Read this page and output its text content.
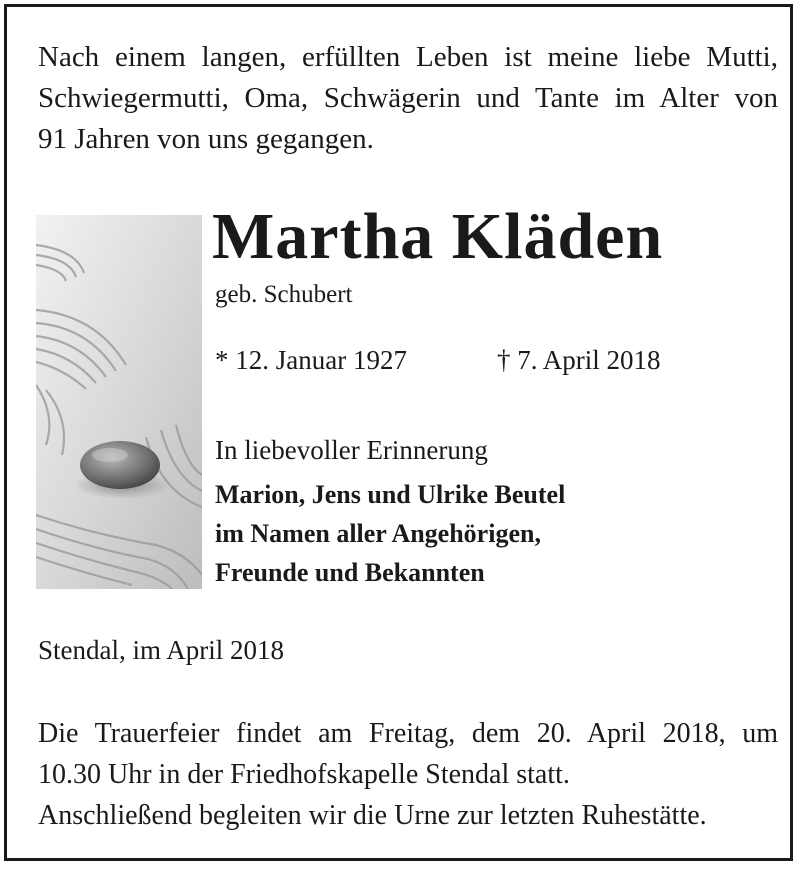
Nach einem langen, erfüllten Leben ist meine liebe Mutti,
Schwiegermutti, Oma, Schwägerin und Tante im Alter von
91 Jahren von uns gegangen.
Martha Kläden
geb. Schubert
* 12. Januar 1927	† 7. April 2018
In liebevoller Erinnerung
Marion, Jens und Ulrike Beutel
im Namen aller Angehörigen,
Freunde und Bekannten
Stendal, im April 2018
Die Trauerfeier findet am Freitag, dem 20. April 2018, um
10.30 Uhr in der Friedhofskapelle Stendal statt.
Anschließend begleiten wir die Urne zur letzten Ruhestätte.
